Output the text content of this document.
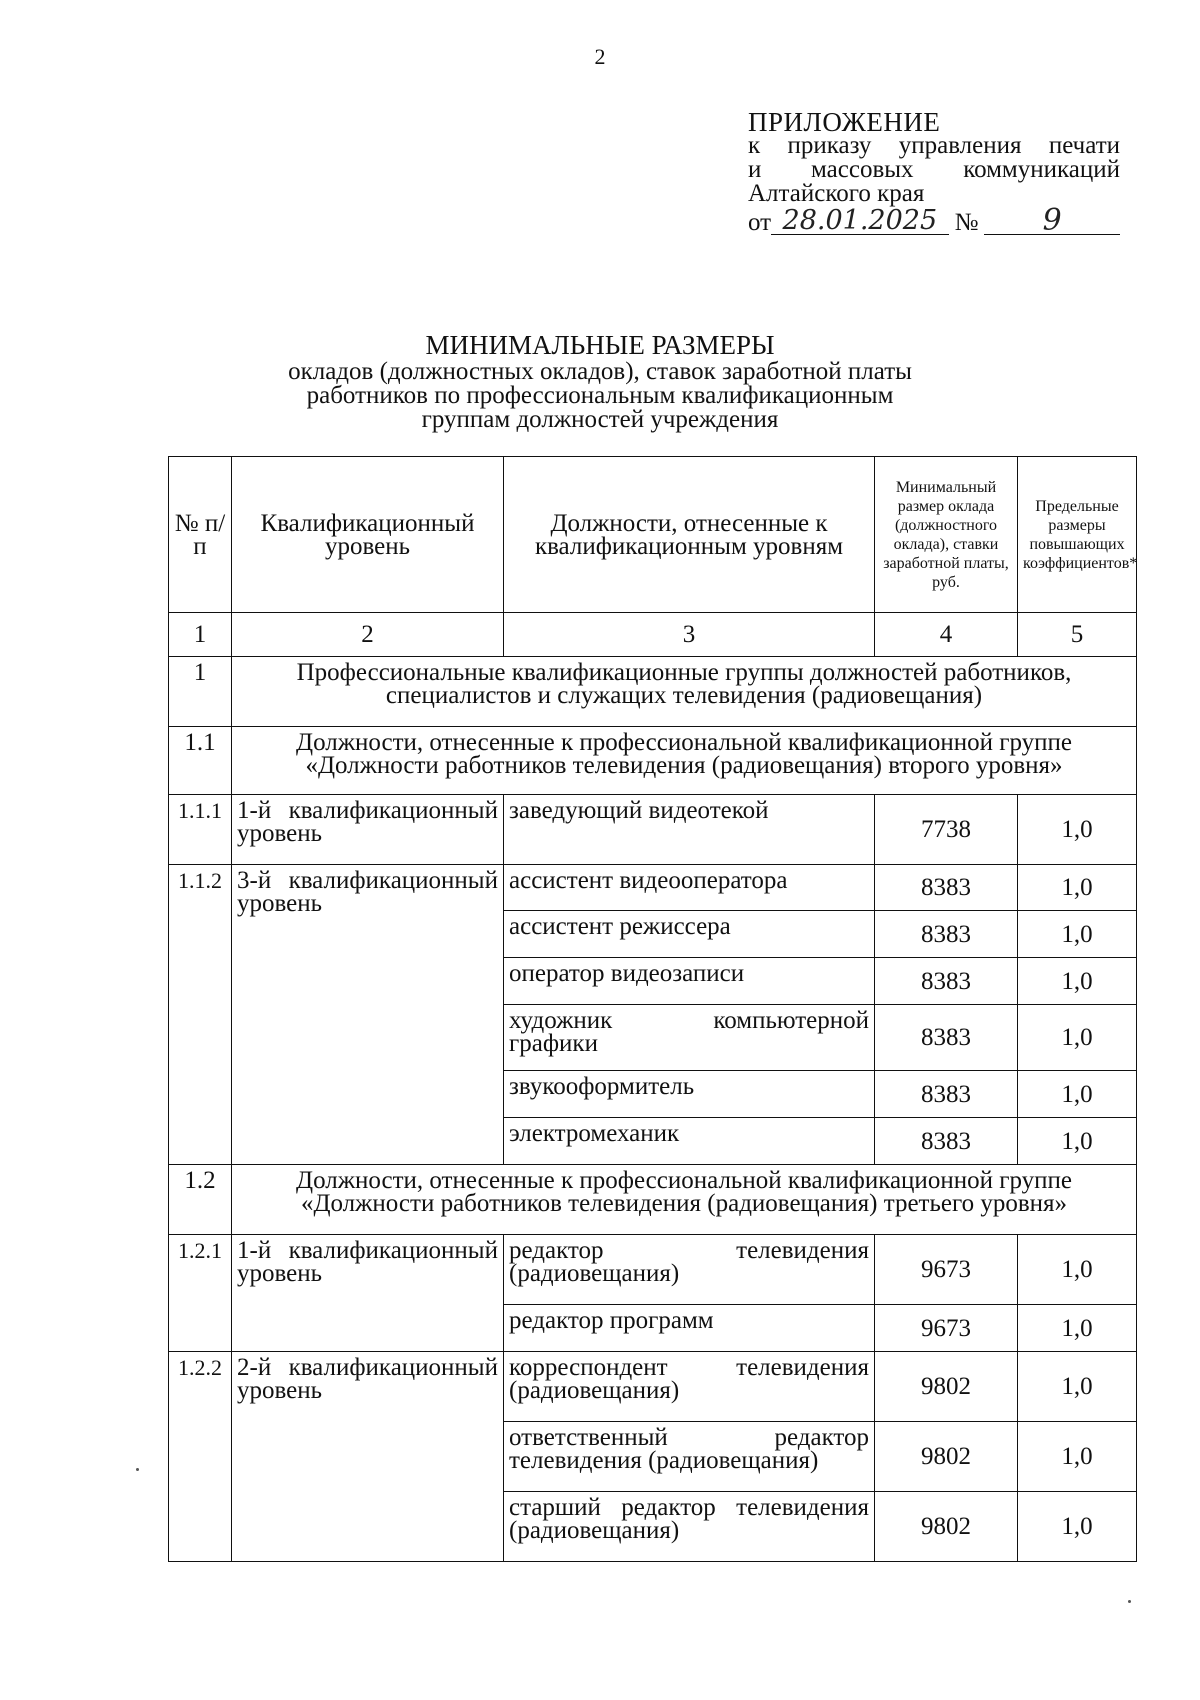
2
ПРИЛОЖЕНИЕ
к приказу управления печати
и массовых коммуникаций
Алтайского края
от 28.01.2025 №	9
МИНИМАЛЬНЫЕ РАЗМЕРЫ
окладов (должностных окладов), ставок заработной платы
работников по профессиональным квалификационным
группам должностей учреждения
№ п/п	Квалификационный уровень	Должности, отнесенные к квалификационным уровням	Минимальный размер оклада (должностного оклада), ставки заработной платы, руб.	Предельные размеры повышающих коэффициентов*
1	2	3	4	5
1	Профессиональные квалификационные группы должностей работников, специалистов и служащих телевидения (радиовещания)			
1.1	Должности, отнесенные к профессиональной квалификационной группе «Должности работников телевидения (радиовещания) второго уровня»			
1.1.1	1-й квалификационный уровень	заведующий видеотекой	7738	1,0
1.1.2	3-й квалификационный уровень	ассистент видеооператора	8383	1,0
		ассистент режиссера	8383	1,0
		оператор видеозаписи	8383	1,0
		художник компьютерной графики	8383	1,0
		звукооформитель	8383	1,0
		электромеханик	8383	1,0
1.2	Должности, отнесенные к профессиональной квалификационной группе «Должности работников телевидения (радиовещания) третьего уровня»			
1.2.1	1-й квалификационный уровень	редактор телевидения (радиовещания)	9673	1,0
		редактор программ	9673	1,0
1.2.2	2-й квалификационный уровень	корреспондент телевидения (радиовещания)	9802	1,0
		ответственный редактор телевидения (радиовещания)	9802	1,0
		старший редактор телевидения (радиовещания)	9802	1,0
